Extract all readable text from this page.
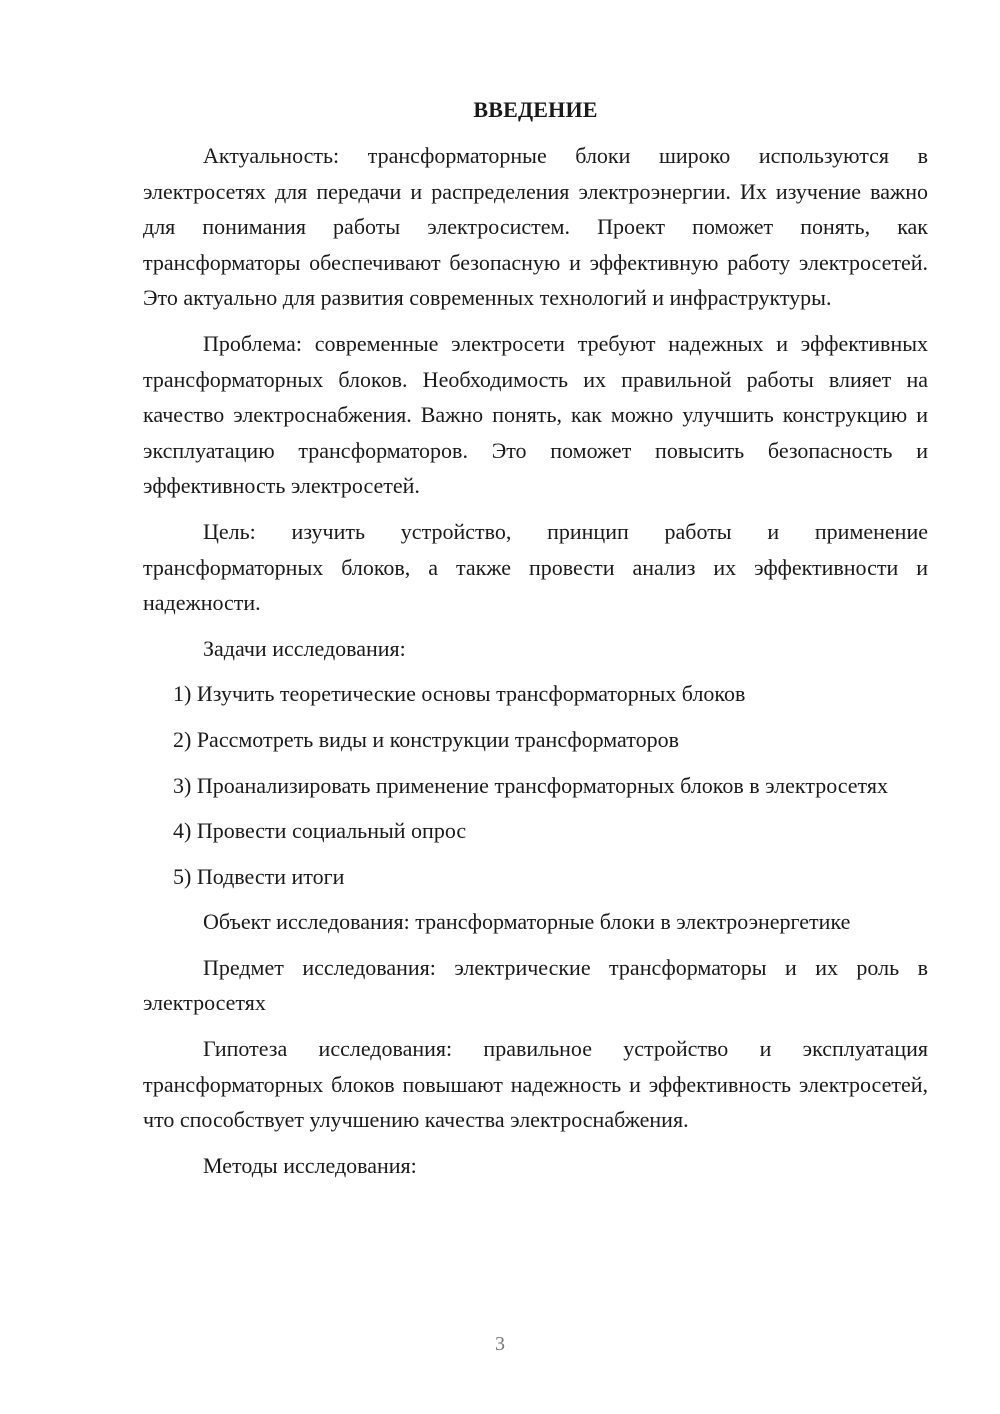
ВВЕДЕНИЕ

Актуальность: трансформаторные блоки широко используются в электросетях для передачи и распределения электроэнергии. Их изучение важно для понимания работы электросистем. Проект поможет понять, как трансформаторы обеспечивают безопасную и эффективную работу электросетей. Это актуально для развития современных технологий и инфраструктуры.

Проблема: современные электросети требуют надежных и эффективных трансформаторных блоков. Необходимость их правильной работы влияет на качество электроснабжения. Важно понять, как можно улучшить конструкцию и эксплуатацию трансформаторов. Это поможет повысить безопасность и эффективность электросетей.

Цель: изучить устройство, принцип работы и применение трансформаторных блоков, а также провести анализ их эффективности и надежности.

Задачи исследования:

1) Изучить теоретические основы трансформаторных блоков

2) Рассмотреть виды и конструкции трансформаторов

3) Проанализировать применение трансформаторных блоков в электросетях

4) Провести социальный опрос

5) Подвести итоги

Объект исследования: трансформаторные блоки в электроэнергетике

Предмет исследования: электрические трансформаторы и их роль в электросетях

Гипотеза исследования: правильное устройство и эксплуатация трансформаторных блоков повышают надежность и эффективность электросетей, что способствует улучшению качества электроснабжения.

Методы исследования:

3
